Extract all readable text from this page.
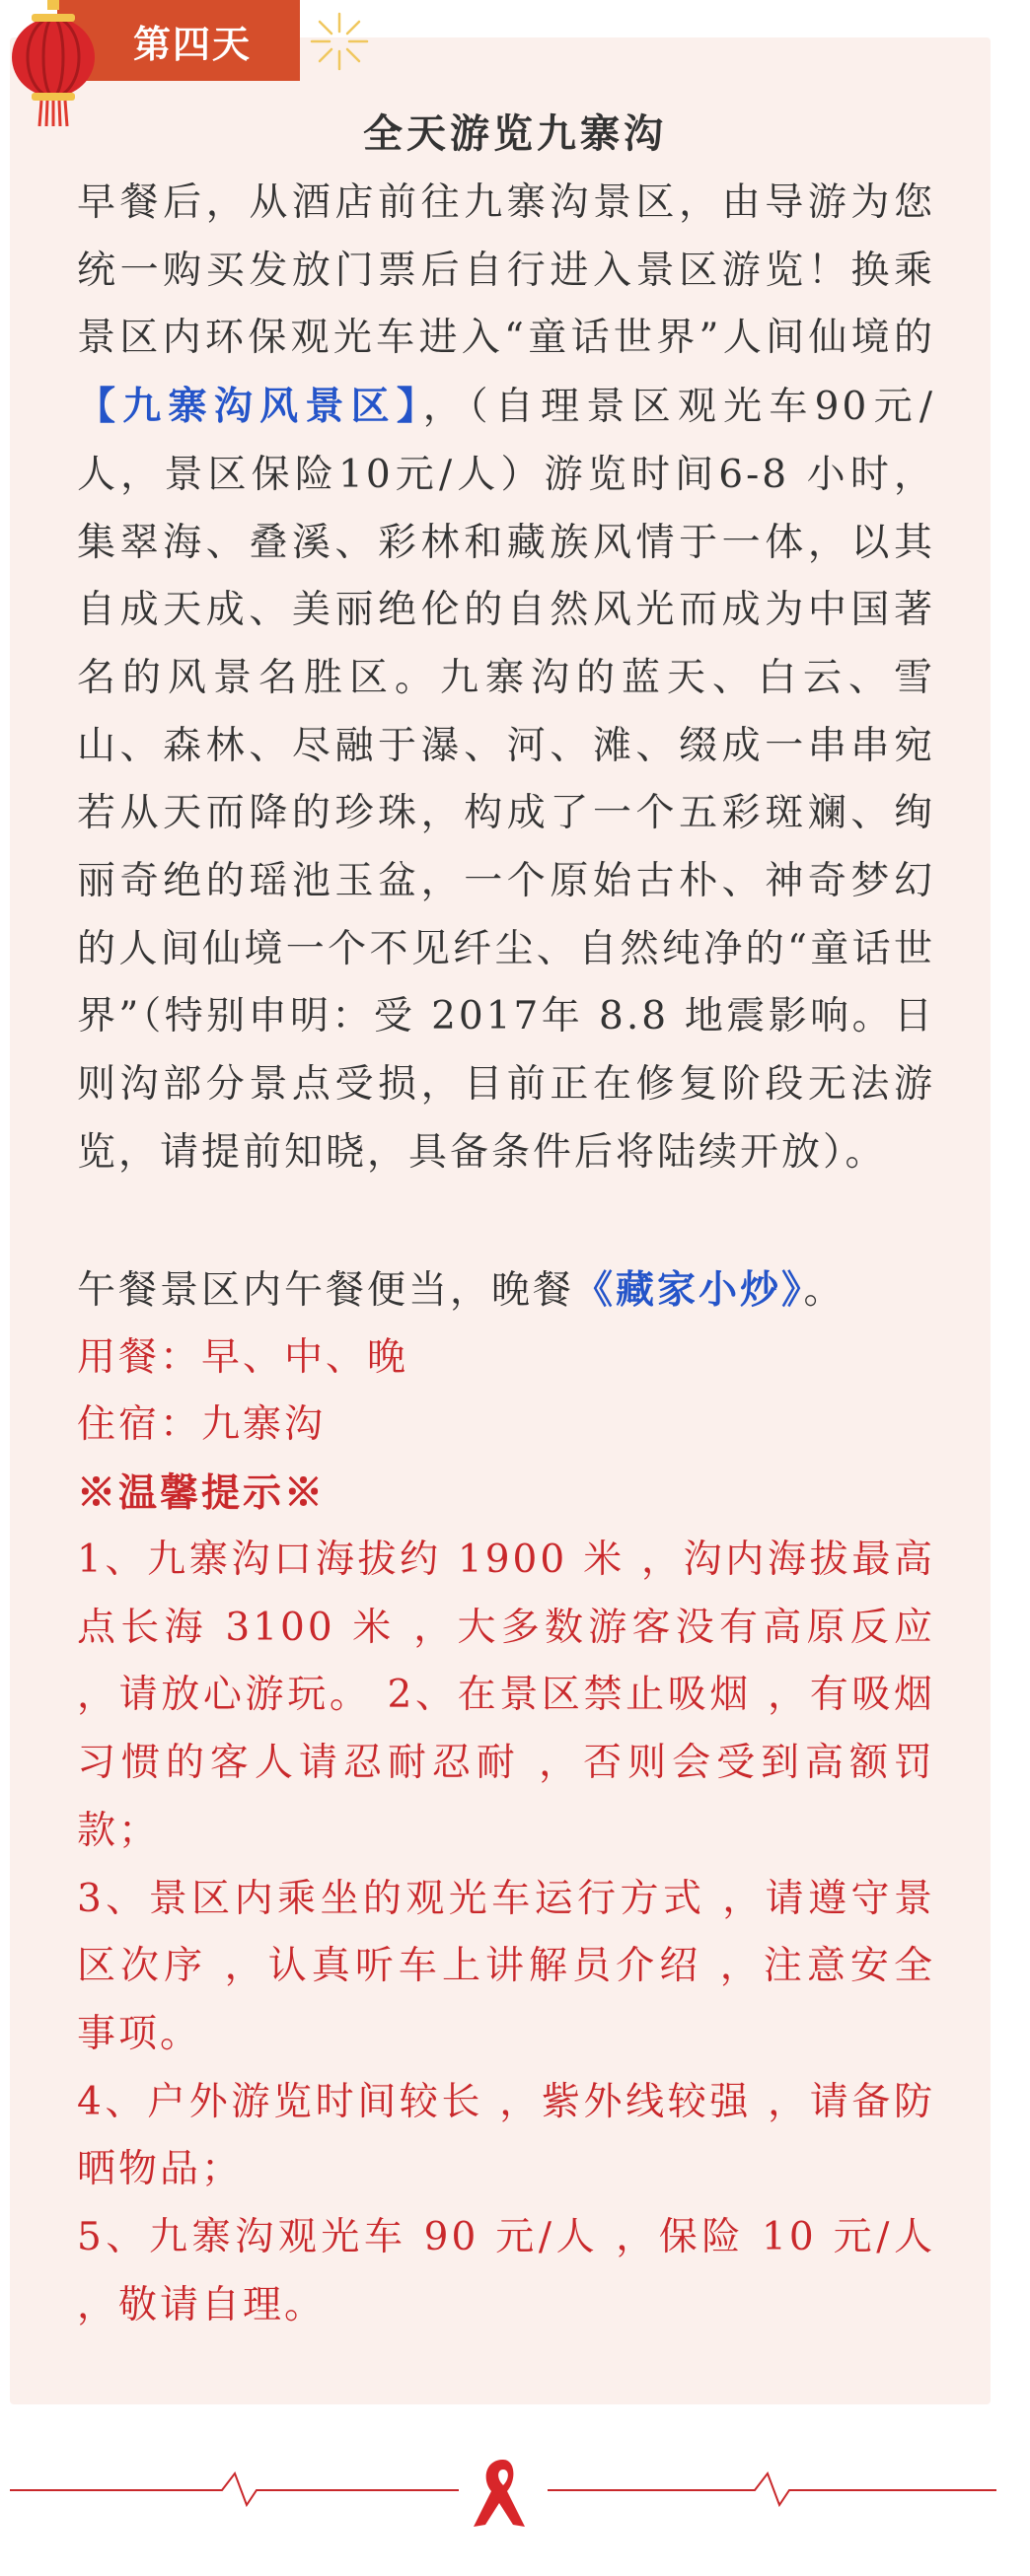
第四天
全天游览九寨沟
早餐后，从酒店前往九寨沟景区，由导游为您统一购买发放门票后自行进入景区游览！换乘景区内环保观光车进入“童话世界”人间仙境的【九寨沟风景区】，（自理景区观光车90元/人，景区保险10元/人）游览时间6-8 小时，集翠海、叠溪、彩林和藏族风情于一体，以其自成天成、美丽绝伦的自然风光而成为中国著名的风景名胜区。九寨沟的蓝天、白云、雪山、森林、尽融于瀑、河、滩、缀成一串串宛若从天而降的珍珠，构成了一个五彩斑斓、绚丽奇绝的瑶池玉盆，一个原始古朴、神奇梦幻的人间仙境一个不见纤尘、自然纯净的“童话世界”（特别申明：受 2017年 8.8 地震影响。日则沟部分景点受损，目前正在修复阶段无法游览，请提前知晓，具备条件后将陆续开放）。
午餐景区内午餐便当，晚餐《藏家小炒》。
用餐：早、中、晚
住宿：九寨沟
※温馨提示※

1、九寨沟口海拔约 1900 米 ，沟内海拔最高点长海 3100 米 ，大多数游客没有高原反应 ，请放心游玩。 2、在景区禁止吸烟 ，有吸烟习惯的客人请忍耐忍耐 ，否则会受到高额罚款；

3、景区内乘坐的观光车运行方式 ，请遵守景区次序 ，认真听车上讲解员介绍 ，注意安全事项。

4、户外游览时间较长 ，紫外线较强 ，请备防晒物品；

5、九寨沟观光车 90 元/人 ，保险 10 元/人 ，敬请自理。
